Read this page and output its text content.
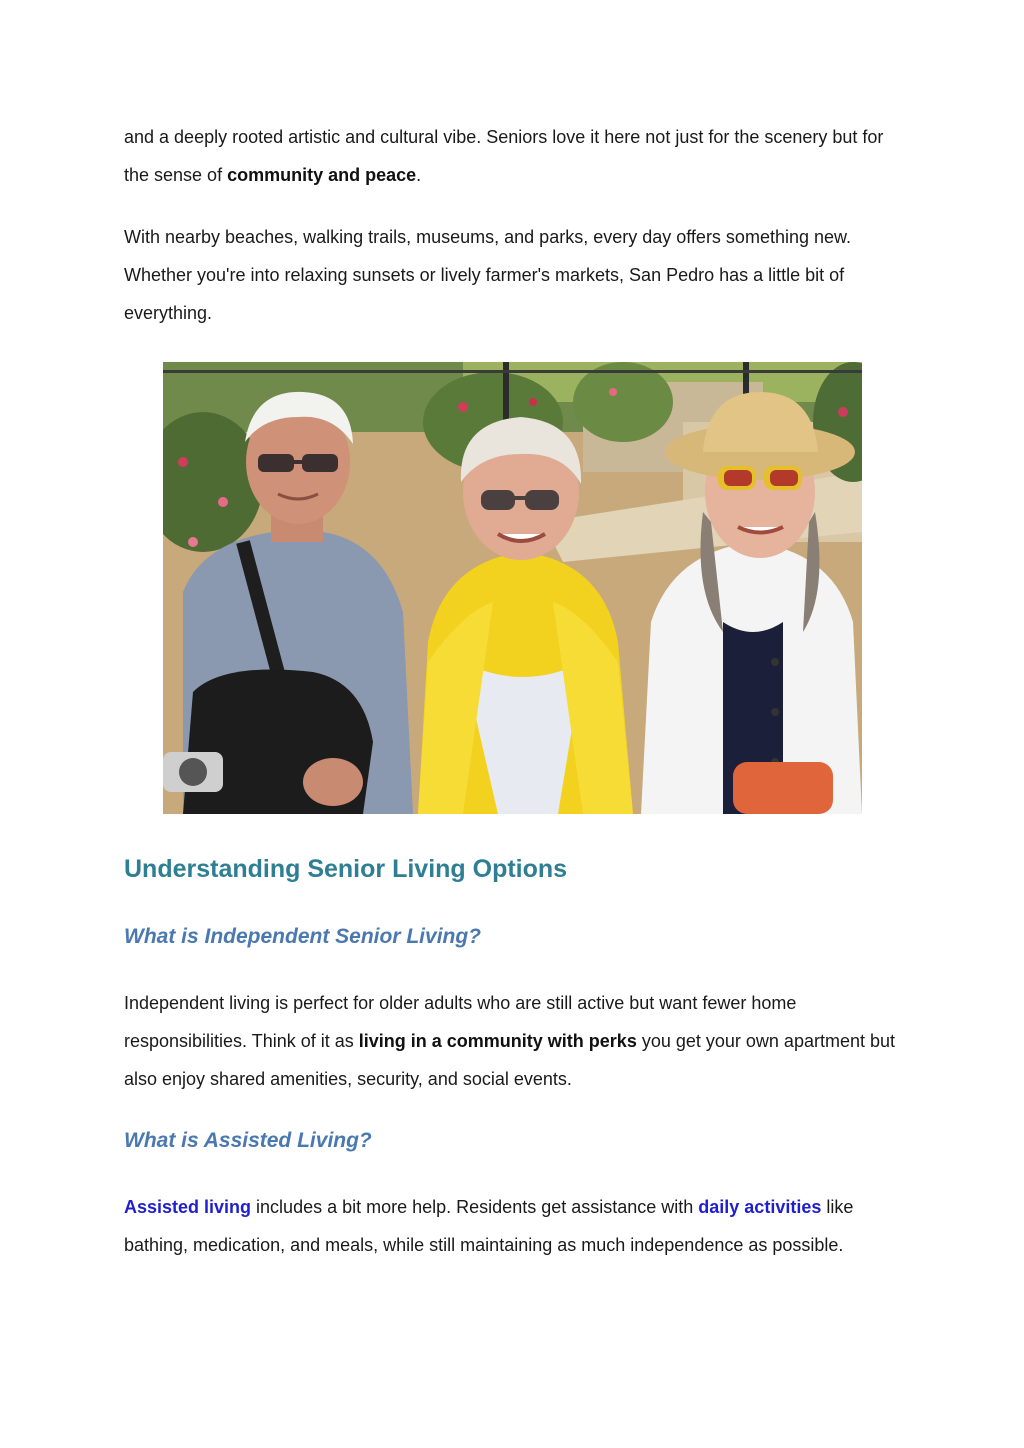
and a deeply rooted artistic and cultural vibe. Seniors love it here not just for the scenery but for the sense of community and peace.

With nearby beaches, walking trails, museums, and parks, every day offers something new. Whether you're into relaxing sunsets or lively farmer's markets, San Pedro has a little bit of everything.

Understanding Senior Living Options
What is Independent Senior Living?

Independent living is perfect for older adults who are still active but want fewer home responsibilities. Think of it as living in a community with perks you get your own apartment but also enjoy shared amenities, security, and social events.

What is Assisted Living?

Assisted living includes a bit more help. Residents get assistance with daily activities like bathing, medication, and meals, while still maintaining as much independence as possible.
